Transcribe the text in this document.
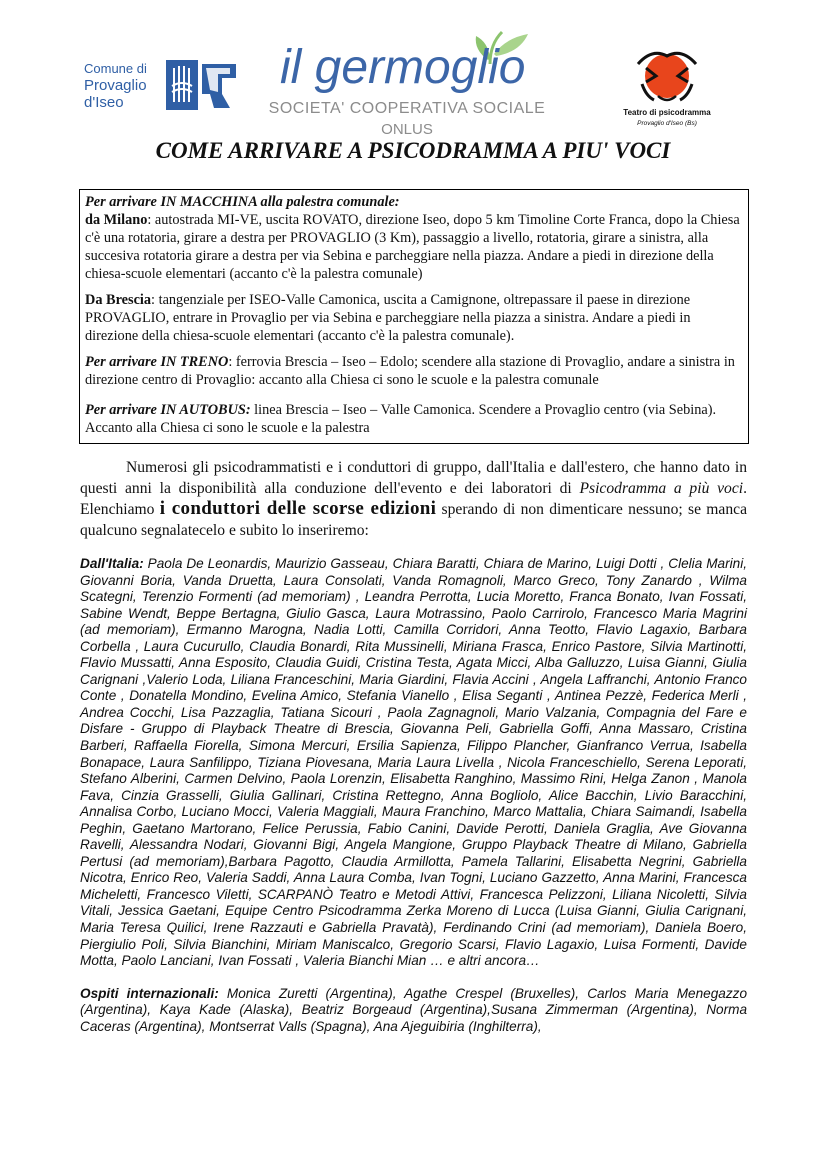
Comune di
Provaglio
d'Iseo
il germoglio
SOCIETA' COOPERATIVA SOCIALE
ONLUS
Teatro di psicodramma
Provaglio d'Iseo (Bs)
COME ARRIVARE A PSICODRAMMA A PIU' VOCI

Per arrivare IN MACCHINA alla palestra comunale:
da Milano: autostrada MI-VE, uscita ROVATO, direzione Iseo, dopo 5 km Timoline Corte Franca, dopo la Chiesa c'è una rotatoria, girare a destra per PROVAGLIO (3 Km), passaggio a livello, rotatoria, girare a sinistra, alla succesiva rotatoria girare a destra per via Sebina e parcheggiare nella piazza. Andare a piedi in direzione della chiesa-scuole elementari (accanto c'è la palestra comunale)

Da Brescia: tangenziale per ISEO-Valle Camonica, uscita a Camignone, oltrepassare il paese in direzione PROVAGLIO, entrare in Provaglio per via Sebina e parcheggiare nella piazza a sinistra. Andare a piedi in direzione della chiesa-scuole elementari (accanto c'è la palestra comunale).

Per arrivare IN TRENO: ferrovia Brescia – Iseo – Edolo; scendere alla stazione di Provaglio, andare a sinistra in direzione centro di Provaglio: accanto alla Chiesa ci sono le scuole e la palestra comunale

Per arrivare IN AUTOBUS: linea Brescia – Iseo – Valle Camonica. Scendere a Provaglio centro (via Sebina). Accanto alla Chiesa ci sono le scuole e la palestra

Numerosi gli psicodrammatisti e i conduttori di gruppo, dall'Italia e dall'estero, che hanno dato in questi anni la disponibilità alla conduzione dell'evento e dei laboratori di Psicodramma a più voci. Elenchiamo i conduttori delle scorse edizioni sperando di non dimenticare nessuno; se manca qualcuno segnalatecelo e subito lo inseriremo:

Dall'Italia: Paola De Leonardis, Maurizio Gasseau, Chiara Baratti, Chiara de Marino, Luigi Dotti , Clelia Marini, Giovanni Boria, Vanda Druetta, Laura Consolati, Vanda Romagnoli, Marco Greco, Tony Zanardo , Wilma Scategni, Terenzio Formenti (ad memoriam) , Leandra Perrotta, Lucia Moretto, Franca Bonato, Ivan Fossati, Sabine Wendt, Beppe Bertagna, Giulio Gasca, Laura Motrassino, Paolo Carrirolo, Francesco Maria Magrini (ad memoriam), Ermanno Marogna, Nadia Lotti, Camilla Corridori, Anna Teotto, Flavio Lagaxio, Barbara Corbella , Laura Cucurullo, Claudia Bonardi, Rita Mussinelli, Miriana Frasca, Enrico Pastore, Silvia Martinotti, Flavio Mussatti, Anna Esposito, Claudia Guidi, Cristina Testa, Agata Micci, Alba Galluzzo, Luisa Gianni, Giulia Carignani ,Valerio Loda, Liliana Franceschini, Maria Giardini, Flavia Accini , Angela Laffranchi, Antonio Franco Conte , Donatella Mondino, Evelina Amico, Stefania Vianello , Elisa Seganti , Antinea Pezzè, Federica Merli , Andrea Cocchi, Lisa Pazzaglia, Tatiana Sicouri , Paola Zagnagnoli, Mario Valzania, Compagnia del Fare e Disfare - Gruppo di Playback Theatre di Brescia, Giovanna Peli, Gabriella Goffi, Anna Massaro, Cristina Barberi, Raffaella Fiorella, Simona Mercuri, Ersilia Sapienza, Filippo Plancher, Gianfranco Verrua, Isabella Bonapace, Laura Sanfilippo, Tiziana Piovesana, Maria Laura Livella , Nicola Franceschiello, Serena Leporati, Stefano Alberini, Carmen Delvino, Paola Lorenzin, Elisabetta Ranghino, Massimo Rini, Helga Zanon , Manola Fava, Cinzia Grasselli, Giulia Gallinari, Cristina Rettegno, Anna Bogliolo, Alice Bacchin, Livio Baracchini, Annalisa Corbo, Luciano Mocci, Valeria Maggiali, Maura Franchino, Marco Mattalia, Chiara Saimandi, Isabella Peghin, Gaetano Martorano, Felice Perussia, Fabio Canini, Davide Perotti, Daniela Graglia, Ave Giovanna Ravelli, Alessandra Nodari, Giovanni Bigi, Angela Mangione, Gruppo Playback Theatre di Milano, Gabriella Pertusi (ad memoriam),Barbara Pagotto, Claudia Armillotta, Pamela Tallarini, Elisabetta Negrini, Gabriella Nicotra, Enrico Reo, Valeria Saddi, Anna Laura Comba, Ivan Togni, Luciano Gazzetto, Anna Marini, Francesca Micheletti, Francesco Viletti, SCARPANÒ Teatro e Metodi Attivi, Francesca Pelizzoni, Liliana Nicoletti, Silvia Vitali, Jessica Gaetani, Equipe Centro Psicodramma Zerka Moreno di Lucca (Luisa Gianni, Giulia Carignani, Maria Teresa Quilici, Irene Razzauti e Gabriella Pravatà), Ferdinando Crini (ad memoriam), Daniela Boero, Piergiulio Poli, Silvia Bianchini, Miriam Maniscalco, Gregorio Scarsi, Flavio Lagaxio, Luisa Formenti, Davide Motta, Paolo Lanciani, Ivan Fossati , Valeria Bianchi Mian … e altri ancora…

Ospiti internazionali: Monica Zuretti (Argentina), Agathe Crespel (Bruxelles), Carlos Maria Menegazzo (Argentina), Kaya Kade (Alaska), Beatriz Borgeaud (Argentina),Susana Zimmerman (Argentina), Norma Caceras (Argentina), Montserrat Valls (Spagna), Ana Ajeguibiria (Inghilterra),
